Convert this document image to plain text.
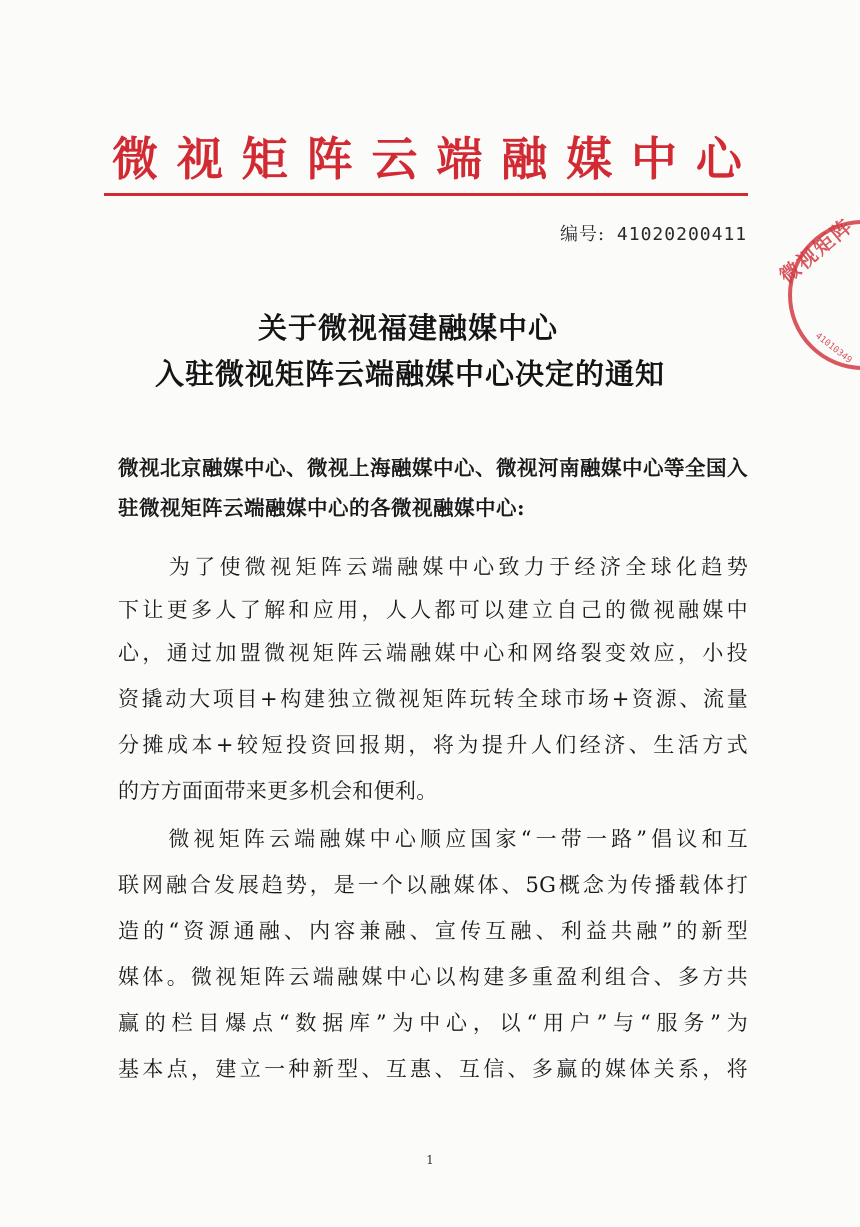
微 视 矩 阵 云 端 融 媒 中 心
编号: 41020200411	微视矩阵
41010349
关于微视福建融媒中心
入驻微视矩阵云端融媒中心决定的通知
微视北京融媒中心、微视上海融媒中心、微视河南融媒中心等全国入驻微视矩阵云端融媒中心的各微视融媒中心:
　　为了使微视矩阵云端融媒中心致力于经济全球化趋势
下让更多人了解和应用，人人都可以建立自己的微视融媒中
心，通过加盟微视矩阵云端融媒中心和网络裂变效应，小投
资撬动大项目+构建独立微视矩阵玩转全球市场+资源、流量
分摊成本+较短投资回报期，将为提升人们经济、生活方式
的方方面面带来更多机会和便利。
　　微视矩阵云端融媒中心顺应国家“一带一路”倡议和互
联网融合发展趋势，是一个以融媒体、5G概念为传播载体打
造的“资源通融、内容兼融、宣传互融、利益共融”的新型
媒体。微视矩阵云端融媒中心以构建多重盈利组合、多方共
赢的栏目爆点“数据库”为中心，以“用户”与“服务”为
基本点，建立一种新型、互惠、互信、多赢的媒体关系，将
1
